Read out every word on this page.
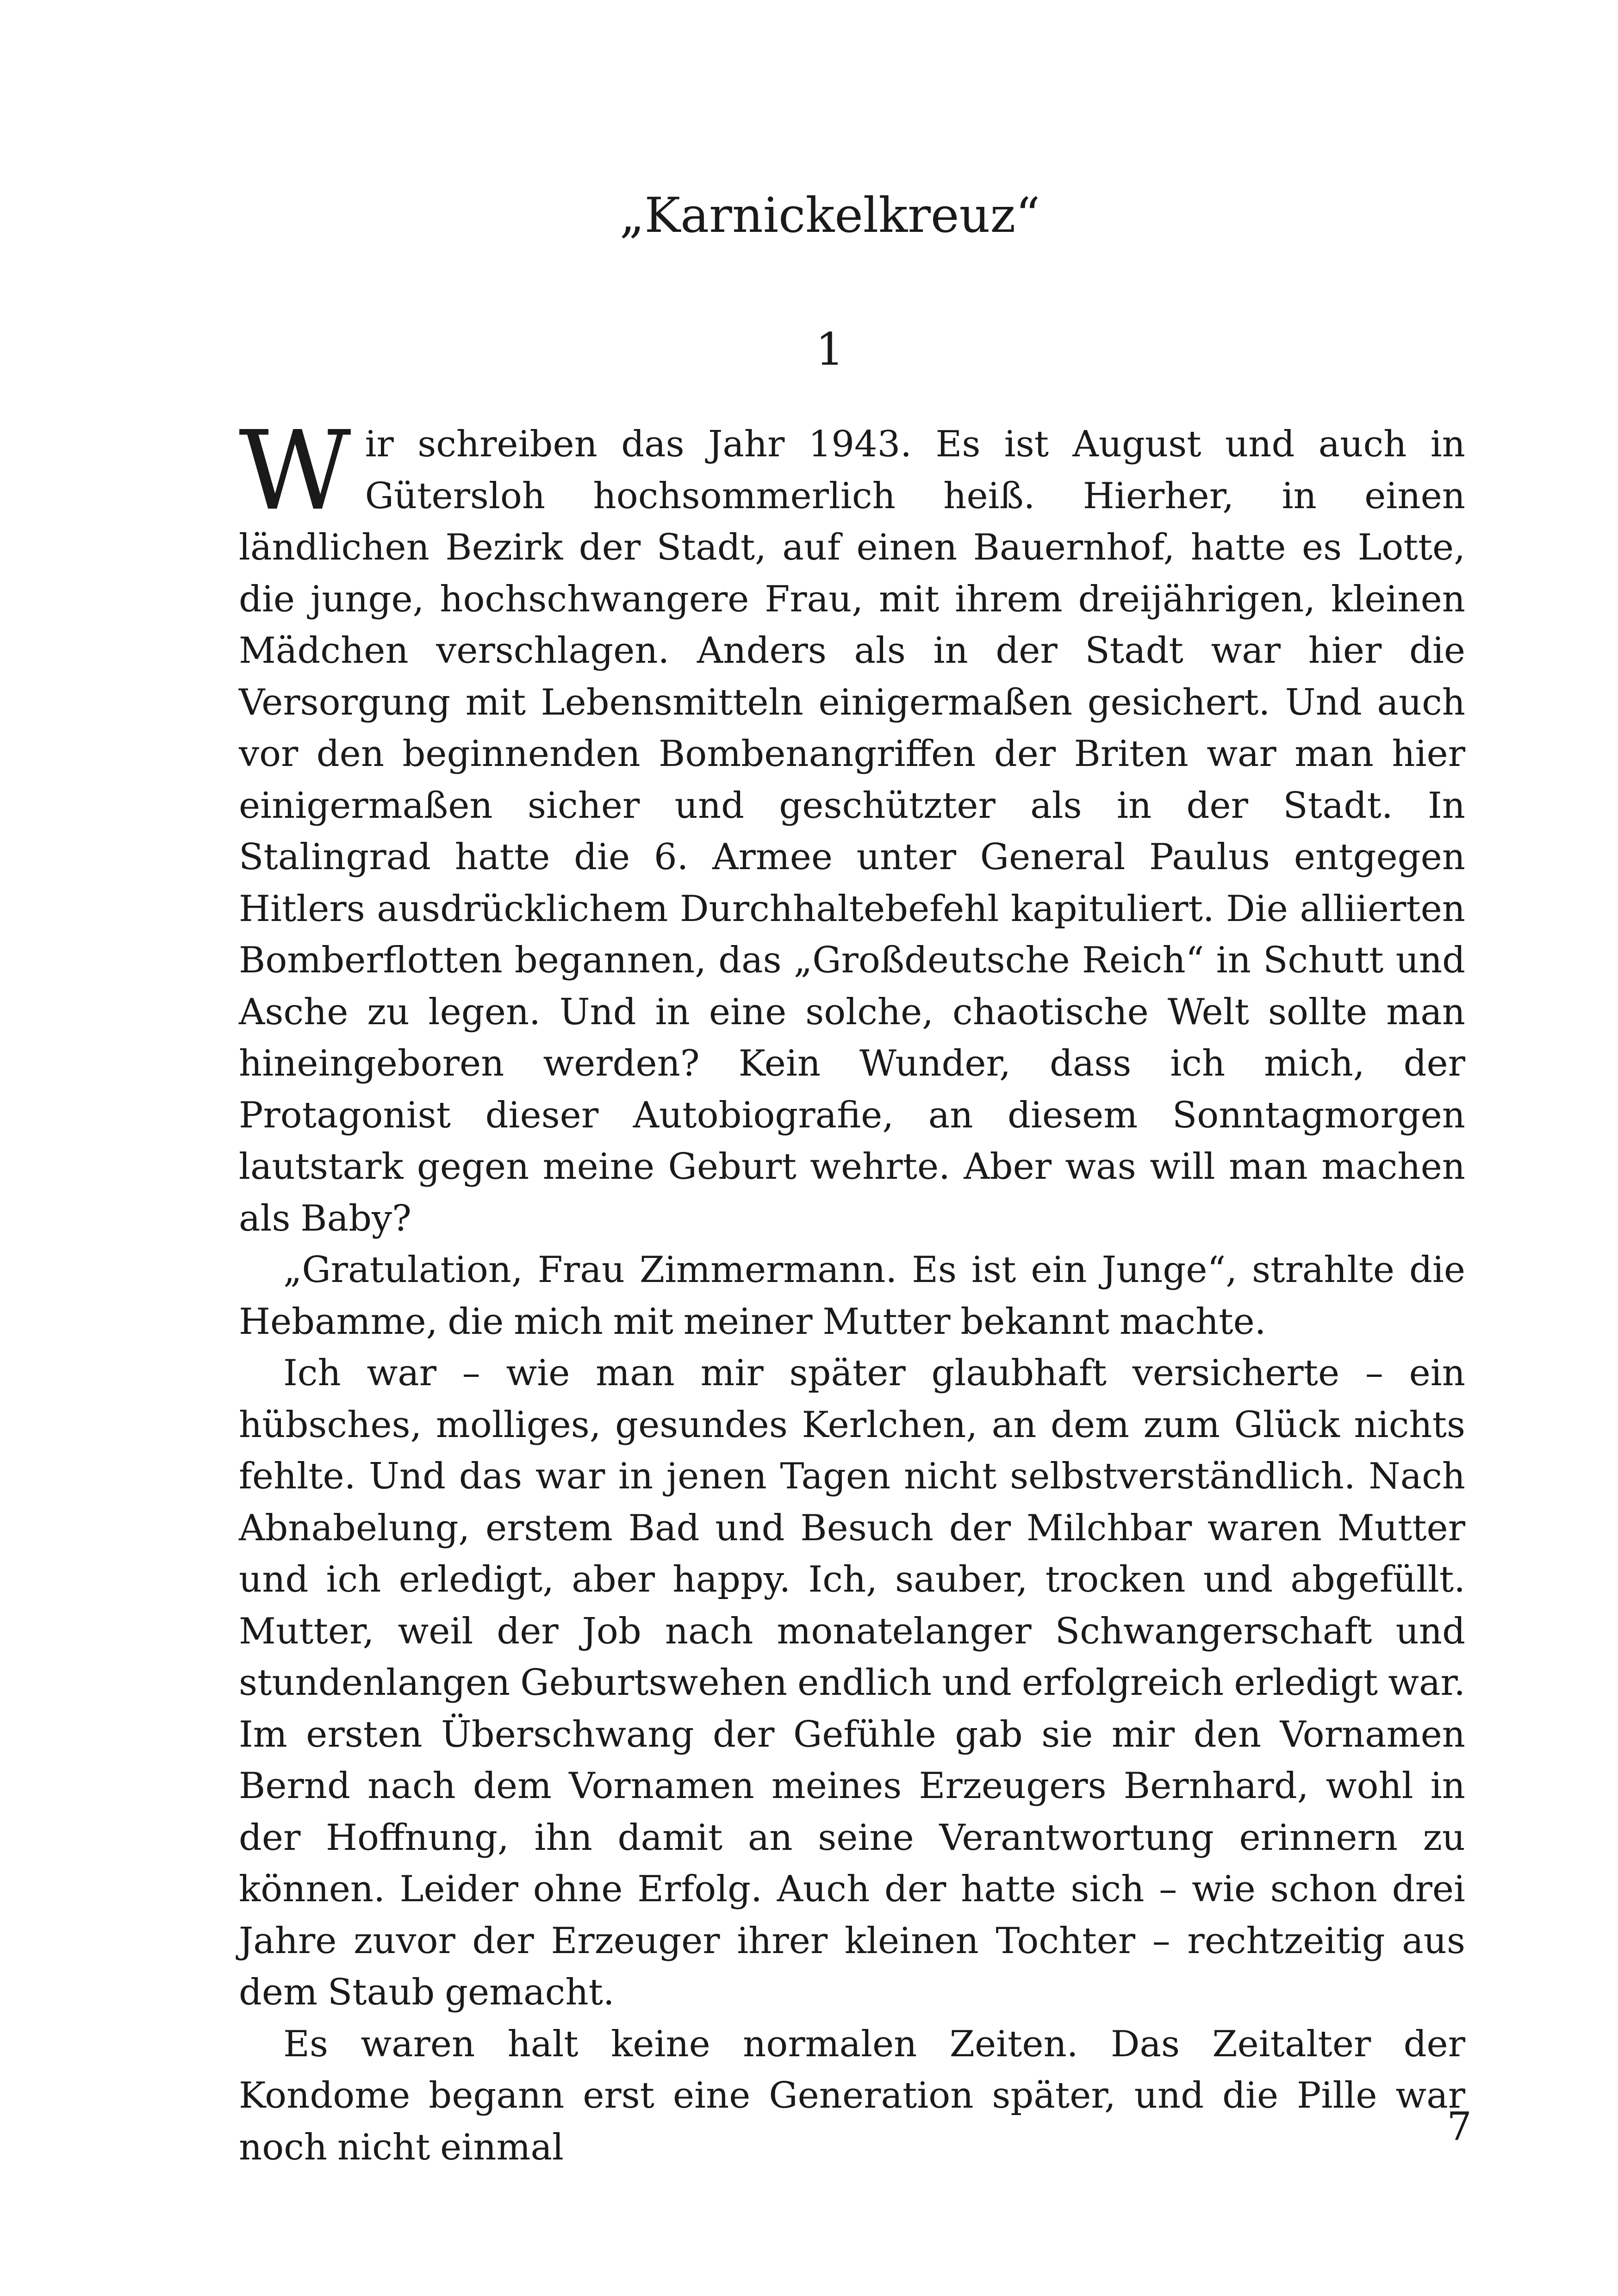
„Karnickelkreuz“
1

Wir schreiben das Jahr 1943. Es ist August und auch in Gütersloh hochsommerlich heiß. Hierher, in einen ländlichen Bezirk der Stadt, auf einen Bauernhof, hatte es Lotte, die junge, hochschwangere Frau, mit ihrem dreijährigen, kleinen Mädchen verschlagen. Anders als in der Stadt war hier die Versorgung mit Lebensmitteln einigermaßen gesichert. Und auch vor den beginnenden Bombenangriffen der Briten war man hier einigermaßen sicher und geschützter als in der Stadt. In Stalingrad hatte die 6. Armee unter General Paulus entgegen Hitlers ausdrücklichem Durchhaltebefehl kapituliert. Die alliierten Bomberflotten begannen, das „Großdeutsche Reich“ in Schutt und Asche zu legen. Und in eine solche, chaotische Welt sollte man hineingeboren werden? Kein Wunder, dass ich mich, der Protagonist dieser Autobiografie, an diesem Sonntagmorgen lautstark gegen meine Geburt wehrte. Aber was will man machen als Baby?

„Gratulation, Frau Zimmermann. Es ist ein Junge“, strahlte die Hebamme, die mich mit meiner Mutter bekannt machte.

Ich war – wie man mir später glaubhaft versicherte – ein hübsches, molliges, gesundes Kerlchen, an dem zum Glück nichts fehlte. Und das war in jenen Tagen nicht selbstverständlich. Nach Abnabelung, erstem Bad und Besuch der Milchbar waren Mutter und ich erledigt, aber happy. Ich, sauber, trocken und abgefüllt. Mutter, weil der Job nach monatelanger Schwangerschaft und stundenlangen Geburtswehen endlich und erfolgreich erledigt war. Im ersten Überschwang der Gefühle gab sie mir den Vornamen Bernd nach dem Vornamen meines Erzeugers Bernhard, wohl in der Hoffnung, ihn damit an seine Verantwortung erinnern zu können. Leider ohne Erfolg. Auch der hatte sich – wie schon drei Jahre zuvor der Erzeuger ihrer kleinen Tochter – rechtzeitig aus dem Staub gemacht.

Es waren halt keine normalen Zeiten. Das Zeitalter der Kondome begann erst eine Generation später, und die Pille war noch nicht einmal	7
